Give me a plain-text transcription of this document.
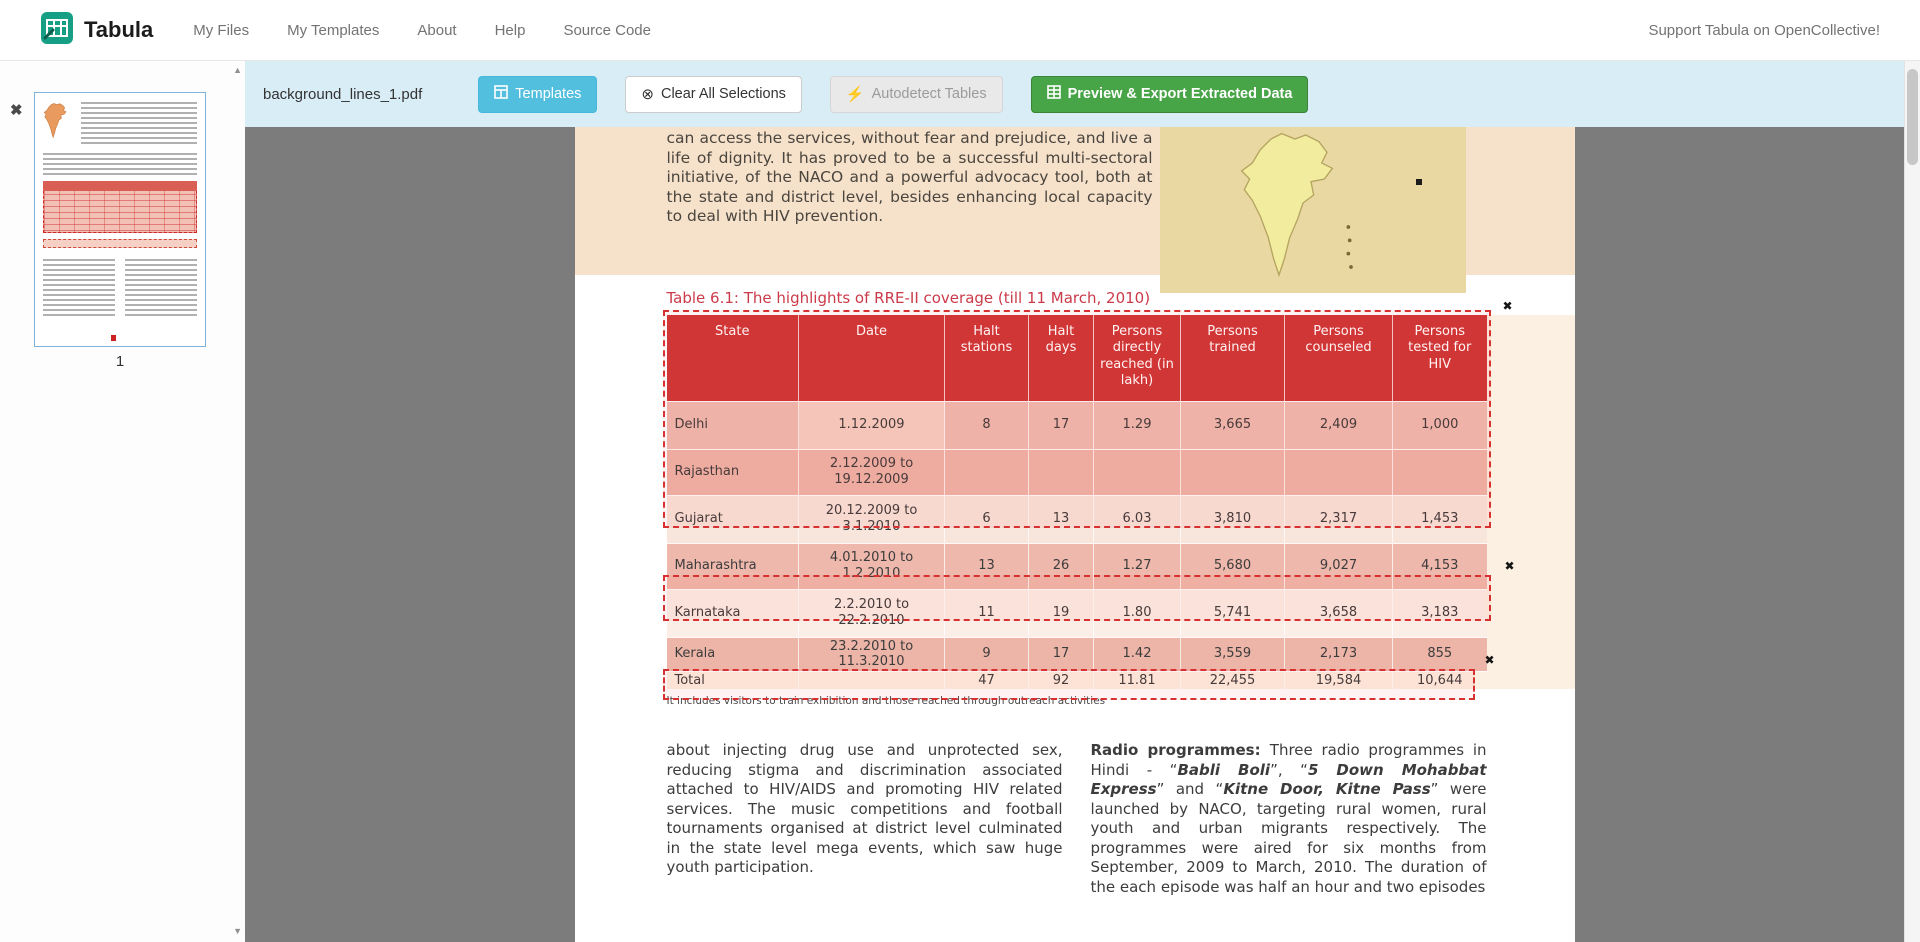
Tabula	My Files	My Templates	About	Help	Source Code	Support Tabula on OpenCollective!
✖
1
▲
▼
background_lines_1.pdf	Templates	⊗ Clear All Selections	⚡ Autodetect Tables	Preview & Export Extracted Data

can access the services, without fear and prejudice, and live a life of dignity. It has proved to be a successful multi-sectoral initiative, of the NACO and a powerful advocacy tool, both at the state and district level, besides enhancing local capacity to deal with HIV prevention.

Table 6.1: The highlights of RRE-II coverage (till 11 March, 2010)
State	Date	Halt stations	Halt days	Persons directly reached (in lakh)	Persons trained	Persons counseled	Persons tested for HIV
Delhi	1.12.2009	8	17	1.29	3,665	2,409	1,000
Rajasthan	2.12.2009 to 19.12.2009						
Gujarat	20.12.2009 to 3.1.2010	6	13	6.03	3,810	2,317	1,453
Maharashtra	4.01.2010 to 1.2.2010	13	26	1.27	5,680	9,027	4,153
Karnataka	2.2.2010 to 22.2.2010	11	19	1.80	5,741	3,658	3,183
Kerala	23.2.2010 to 11.3.2010	9	17	1.42	3,559	2,173	855
Total		47	92	11.81	22,455	19,584	10,644
✖
✖
✖
It includes visitors to train exhibition and those reached through outreach activities

about injecting drug use and unprotected sex, reducing stigma and discrimination associated attached to HIV/AIDS and promoting HIV related services. The music competitions and football tournaments organised at district level culminated in the state level mega events, which saw huge youth participation.

Radio programmes: Three radio programmes in Hindi - “Babli Boli”, “5 Down Mohabbat Express” and “Kitne Door, Kitne Pass” were launched by NACO, targeting rural women, rural youth and urban migrants respectively. The programmes were aired for six months from September, 2009 to March, 2010. The duration of the each episode was half an hour and two episodes
